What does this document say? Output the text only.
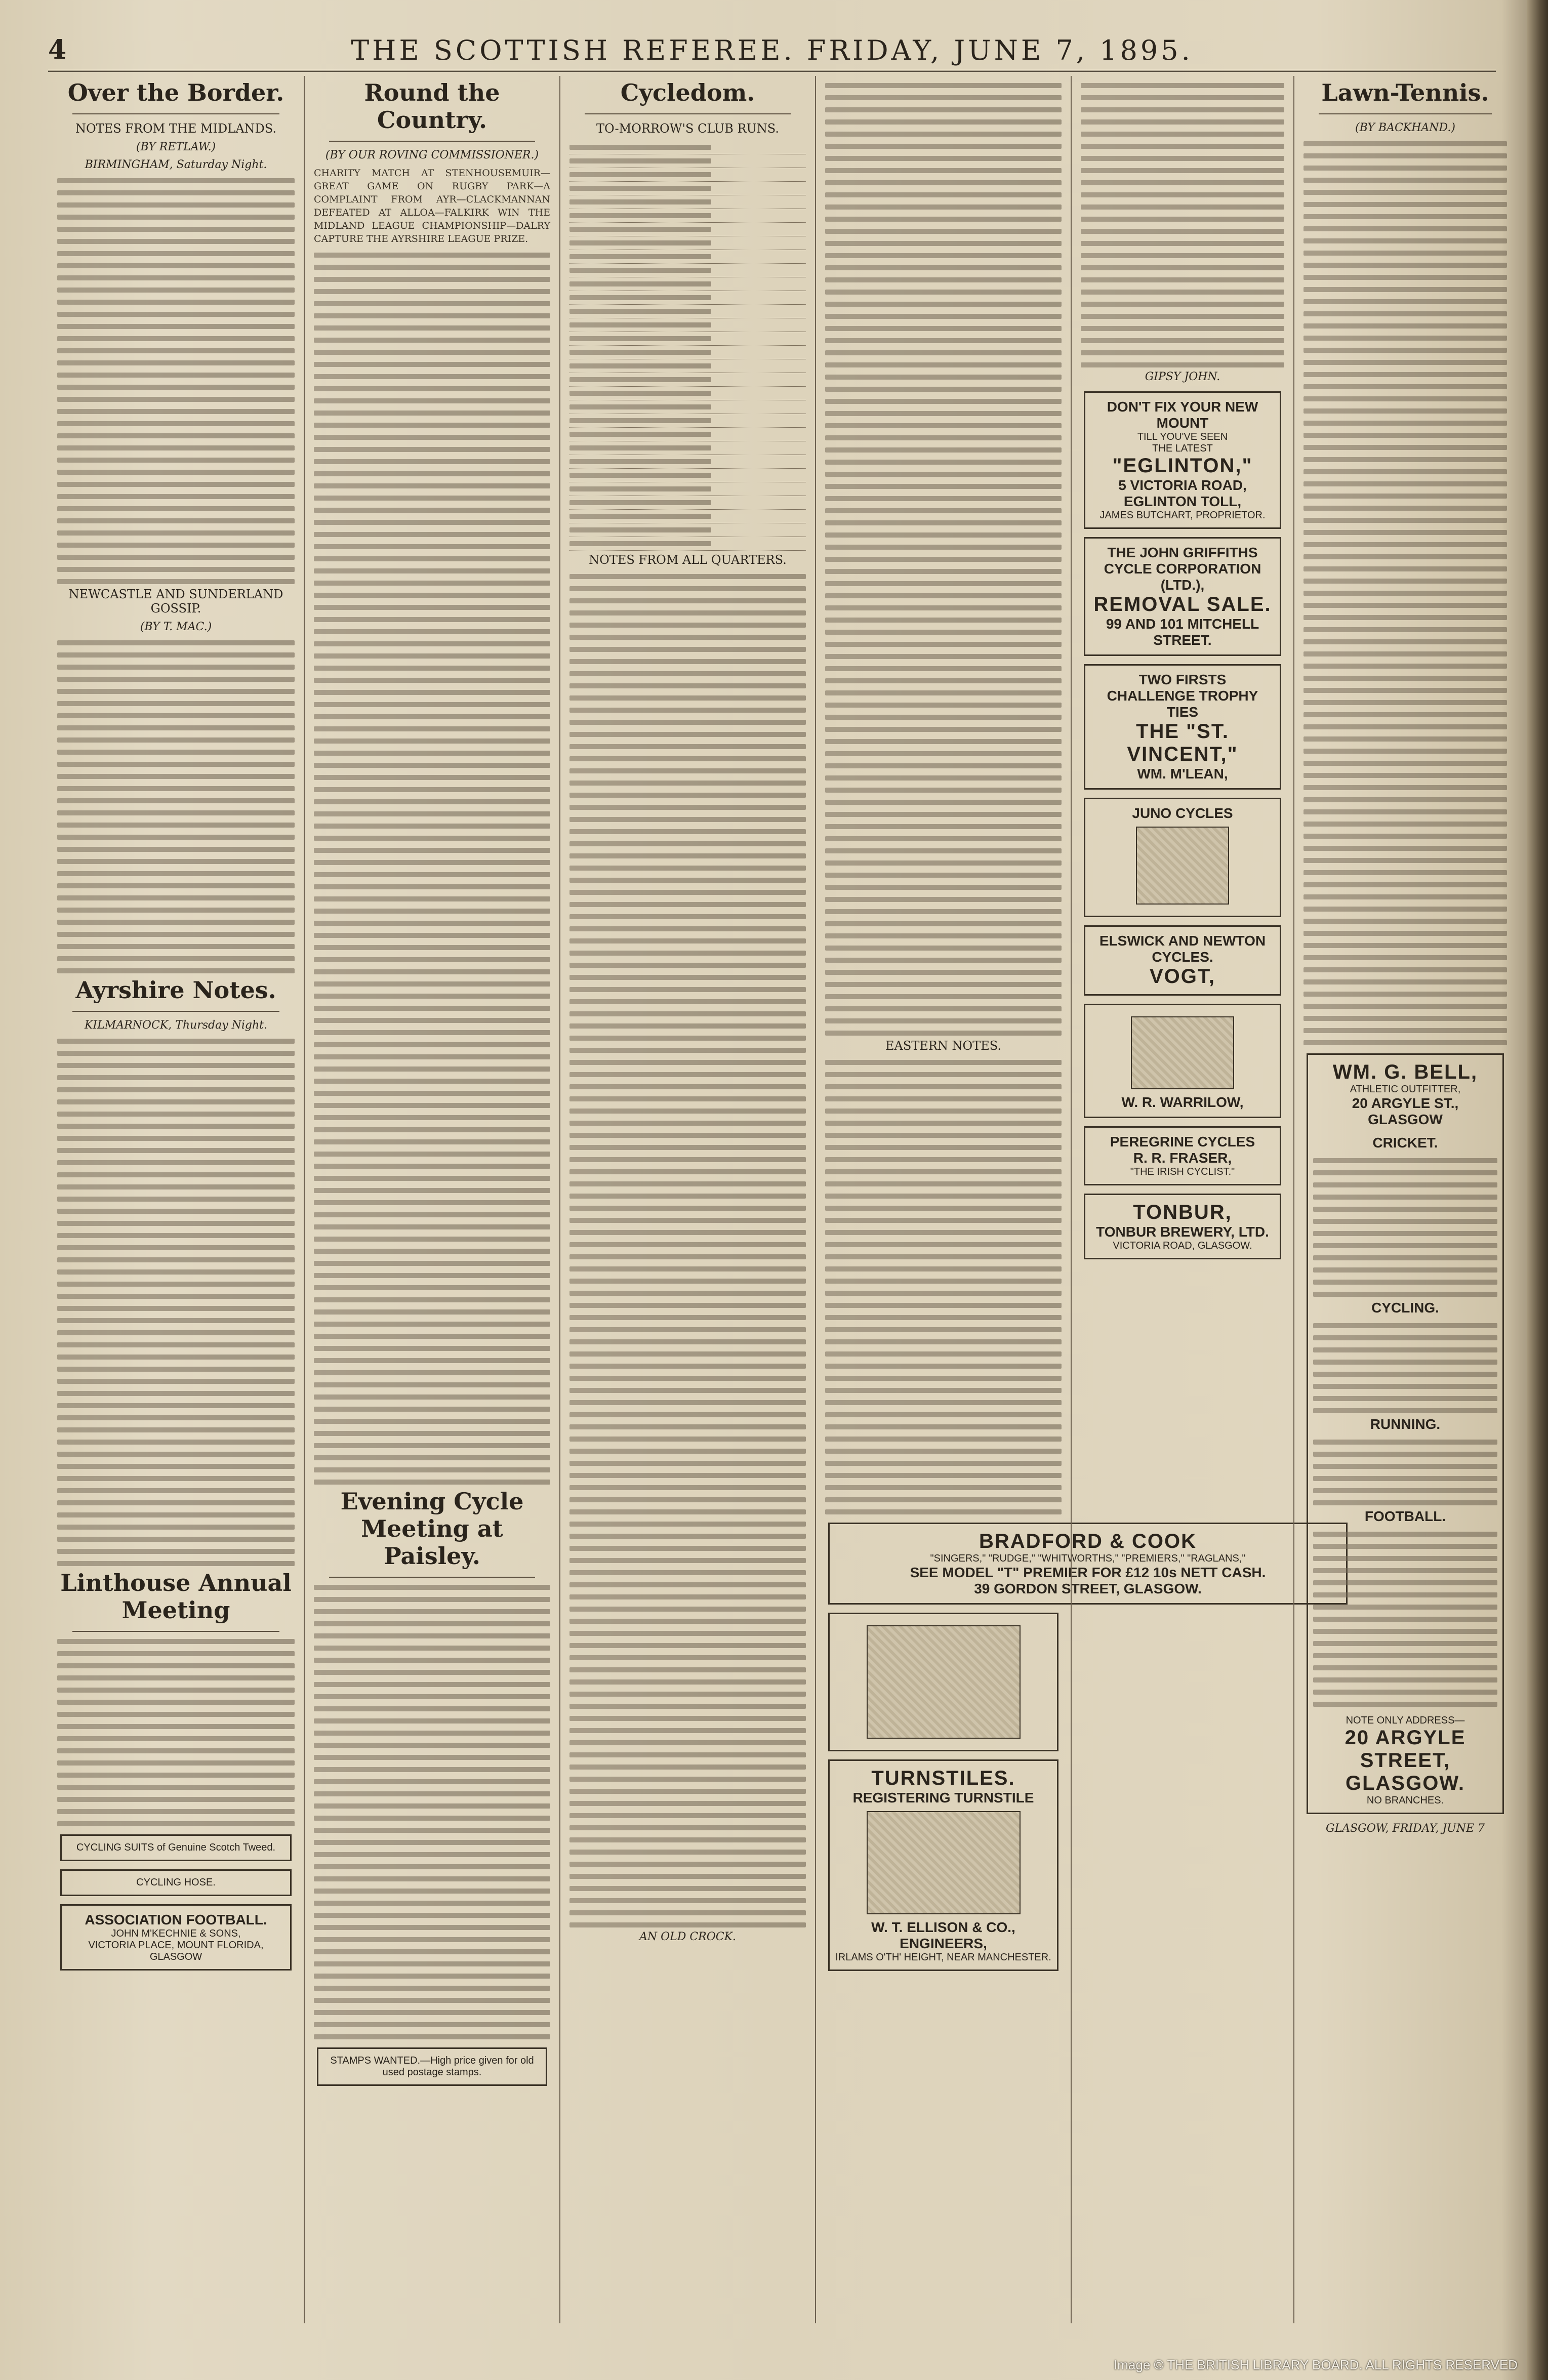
4	THE SCOTTISH REFEREE. FRIDAY, JUNE 7, 1895.
Over the Border.
NOTES FROM THE MIDLANDS.
(BY RETLAW.)
BIRMINGHAM, Saturday Night.
NEWCASTLE AND SUNDERLAND GOSSIP.
(BY T. MAC.)
Ayrshire Notes.
KILMARNOCK, Thursday Night.
Linthouse Annual Meeting
CYCLING SUITS of Genuine Scotch Tweed.
CYCLING HOSE.
ASSOCIATION FOOTBALL.
JOHN M'KECHNIE & SONS,
VICTORIA PLACE, MOUNT FLORIDA, GLASGOW
Round the Country.
(BY OUR ROVING COMMISSIONER.)
CHARITY MATCH AT STENHOUSEMUIR—GREAT GAME ON RUGBY PARK—A COMPLAINT FROM AYR—CLACKMANNAN DEFEATED AT ALLOA—FALKIRK WIN THE MIDLAND LEAGUE CHAMPIONSHIP—DALRY CAPTURE THE AYRSHIRE LEAGUE PRIZE.
Evening Cycle Meeting at Paisley.
STAMPS WANTED.—High price given for old used postage stamps.
Cycledom.
TO-MORROW'S CLUB RUNS.
NOTES FROM ALL QUARTERS.
AN OLD CROCK.
EASTERN NOTES.
BRADFORD & COOK
"SINGERS," "RUDGE," "WHITWORTHS," "PREMIERS," "RAGLANS,"
SEE MODEL "T" PREMIER FOR £12 10s NETT CASH.
39 GORDON STREET, GLASGOW.
TURNSTILES.
REGISTERING TURNSTILE
W. T. ELLISON & CO., ENGINEERS,
IRLAMS O'TH' HEIGHT, NEAR MANCHESTER.
GIPSY JOHN.
DON'T FIX YOUR NEW MOUNT
TILL YOU'VE SEEN
THE LATEST
"EGLINTON,"
5 VICTORIA ROAD, EGLINTON TOLL,
JAMES BUTCHART, PROPRIETOR.
THE JOHN GRIFFITHS CYCLE CORPORATION (LTD.),
REMOVAL SALE.
99 AND 101 MITCHELL STREET.
TWO FIRSTS
CHALLENGE TROPHY TIES
THE "ST. VINCENT,"
WM. M'LEAN,
JUNO CYCLES
ELSWICK AND NEWTON CYCLES.
VOGT,
W. R. WARRILOW,
PEREGRINE CYCLES
R. R. FRASER,
"THE IRISH CYCLIST."
TONBUR,
TONBUR BREWERY, LTD.
VICTORIA ROAD, GLASGOW.
Lawn-Tennis.
(BY BACKHAND.)
WM. G. BELL,
ATHLETIC OUTFITTER,
20 ARGYLE ST., GLASGOW
CRICKET.
CYCLING.
RUNNING.
FOOTBALL.
NOTE ONLY ADDRESS—
20 ARGYLE STREET, GLASGOW.
NO BRANCHES.
GLASGOW, FRIDAY, JUNE 7
Image © THE BRITISH LIBRARY BOARD. ALL RIGHTS RESERVED
